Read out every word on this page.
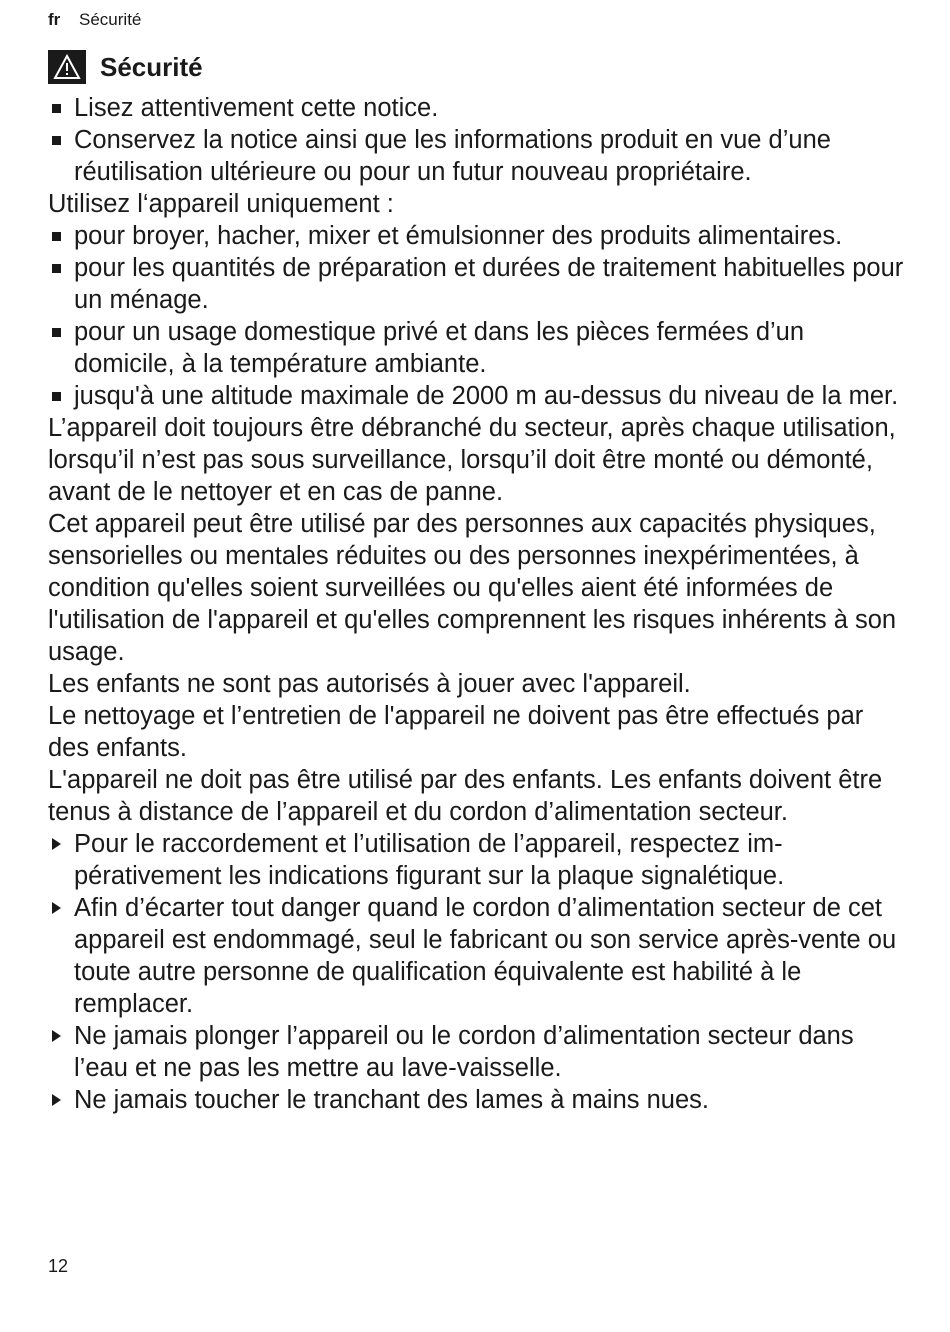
fr Sécurité
Sécurité

Lisez attentivement cette notice.

Conservez la notice ainsi que les informations produit en vue d’une réutilisation ultérieure ou pour un futur nouveau propriétaire.

Utilisez l‘appareil uniquement :

pour broyer, hacher, mixer et émulsionner des produits alimentaires.

pour les quantités de préparation et durées de traitement habituelles pour un ménage.

pour un usage domestique privé et dans les pièces fermées d’un domicile, à la température ambiante.

jusqu'à une altitude maximale de 2000 m au-dessus du niveau de la mer.

L’appareil doit toujours être débranché du secteur, après chaque utilisation, lorsqu’il n’est pas sous surveillance, lorsqu’il doit être monté ou démonté, avant de le nettoyer et en cas de panne.

Cet appareil peut être utilisé par des personnes aux capacités physiques, sensorielles ou mentales réduites ou des personnes inexpérimentées, à condition qu'elles soient surveillées ou qu'elles aient été informées de l'utilisation de l'appareil et qu'elles comprennent les risques inhérents à son usage.

Les enfants ne sont pas autorisés à jouer avec l'appareil.

Le nettoyage et l’entretien de l'appareil ne doivent pas être effectués par des enfants.

L'appareil ne doit pas être utilisé par des enfants. Les enfants doivent être tenus à distance de l’appareil et du cordon d’alimentation secteur.

Pour le raccordement et l’utilisation de l’appareil, respectez impérativement les indications figurant sur la plaque signalétique.

Afin d’écarter tout danger quand le cordon d’alimentation secteur de cet appareil est endommagé, seul le fabricant ou son service après-vente ou toute autre personne de qualification équivalente est habilité à le remplacer.

Ne jamais plonger l’appareil ou le cordon d’alimentation secteur dans l’eau et ne pas les mettre au lave-vaisselle.

Ne jamais toucher le tranchant des lames à mains nues.

12
